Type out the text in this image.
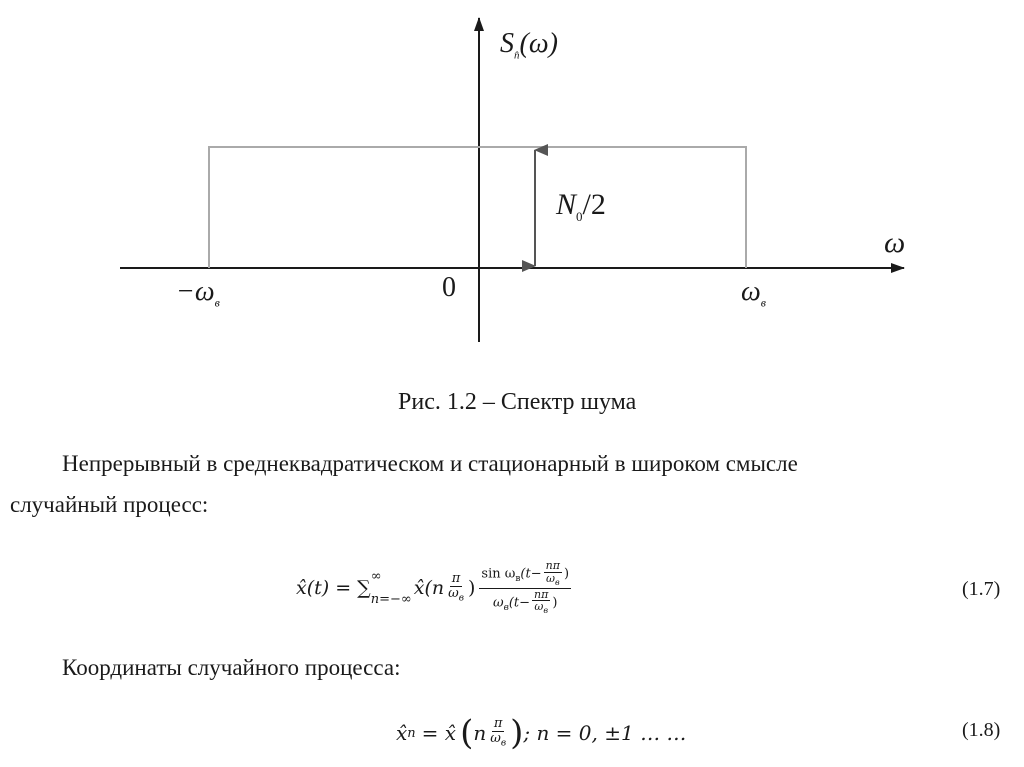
$S_{n̂}(\omega)$
ω
$N_0/2$
0
$-\omega_в$	$\omega_в$
Рис. 1.2 – Спектр шума
Непрерывный в среднеквадратическом и стационарный в широком смысле
случайный процесс:
x̂(t) = ∑
∞
n=−∞
x̂(n $\frac{\pi}{\omega_в}$ ) $\frac{\sin \omega_в(t- \frac{n\pi}{\omega_в} )}{\omega_в(t- \frac{n\pi}{\omega_в} )}$	(1.7)
Координаты случайного процесса:
x̂ n = x̂ ( n $\frac{\pi}{\omega_в}$ ) ; n = 0, ±1 … …	(1.8)
